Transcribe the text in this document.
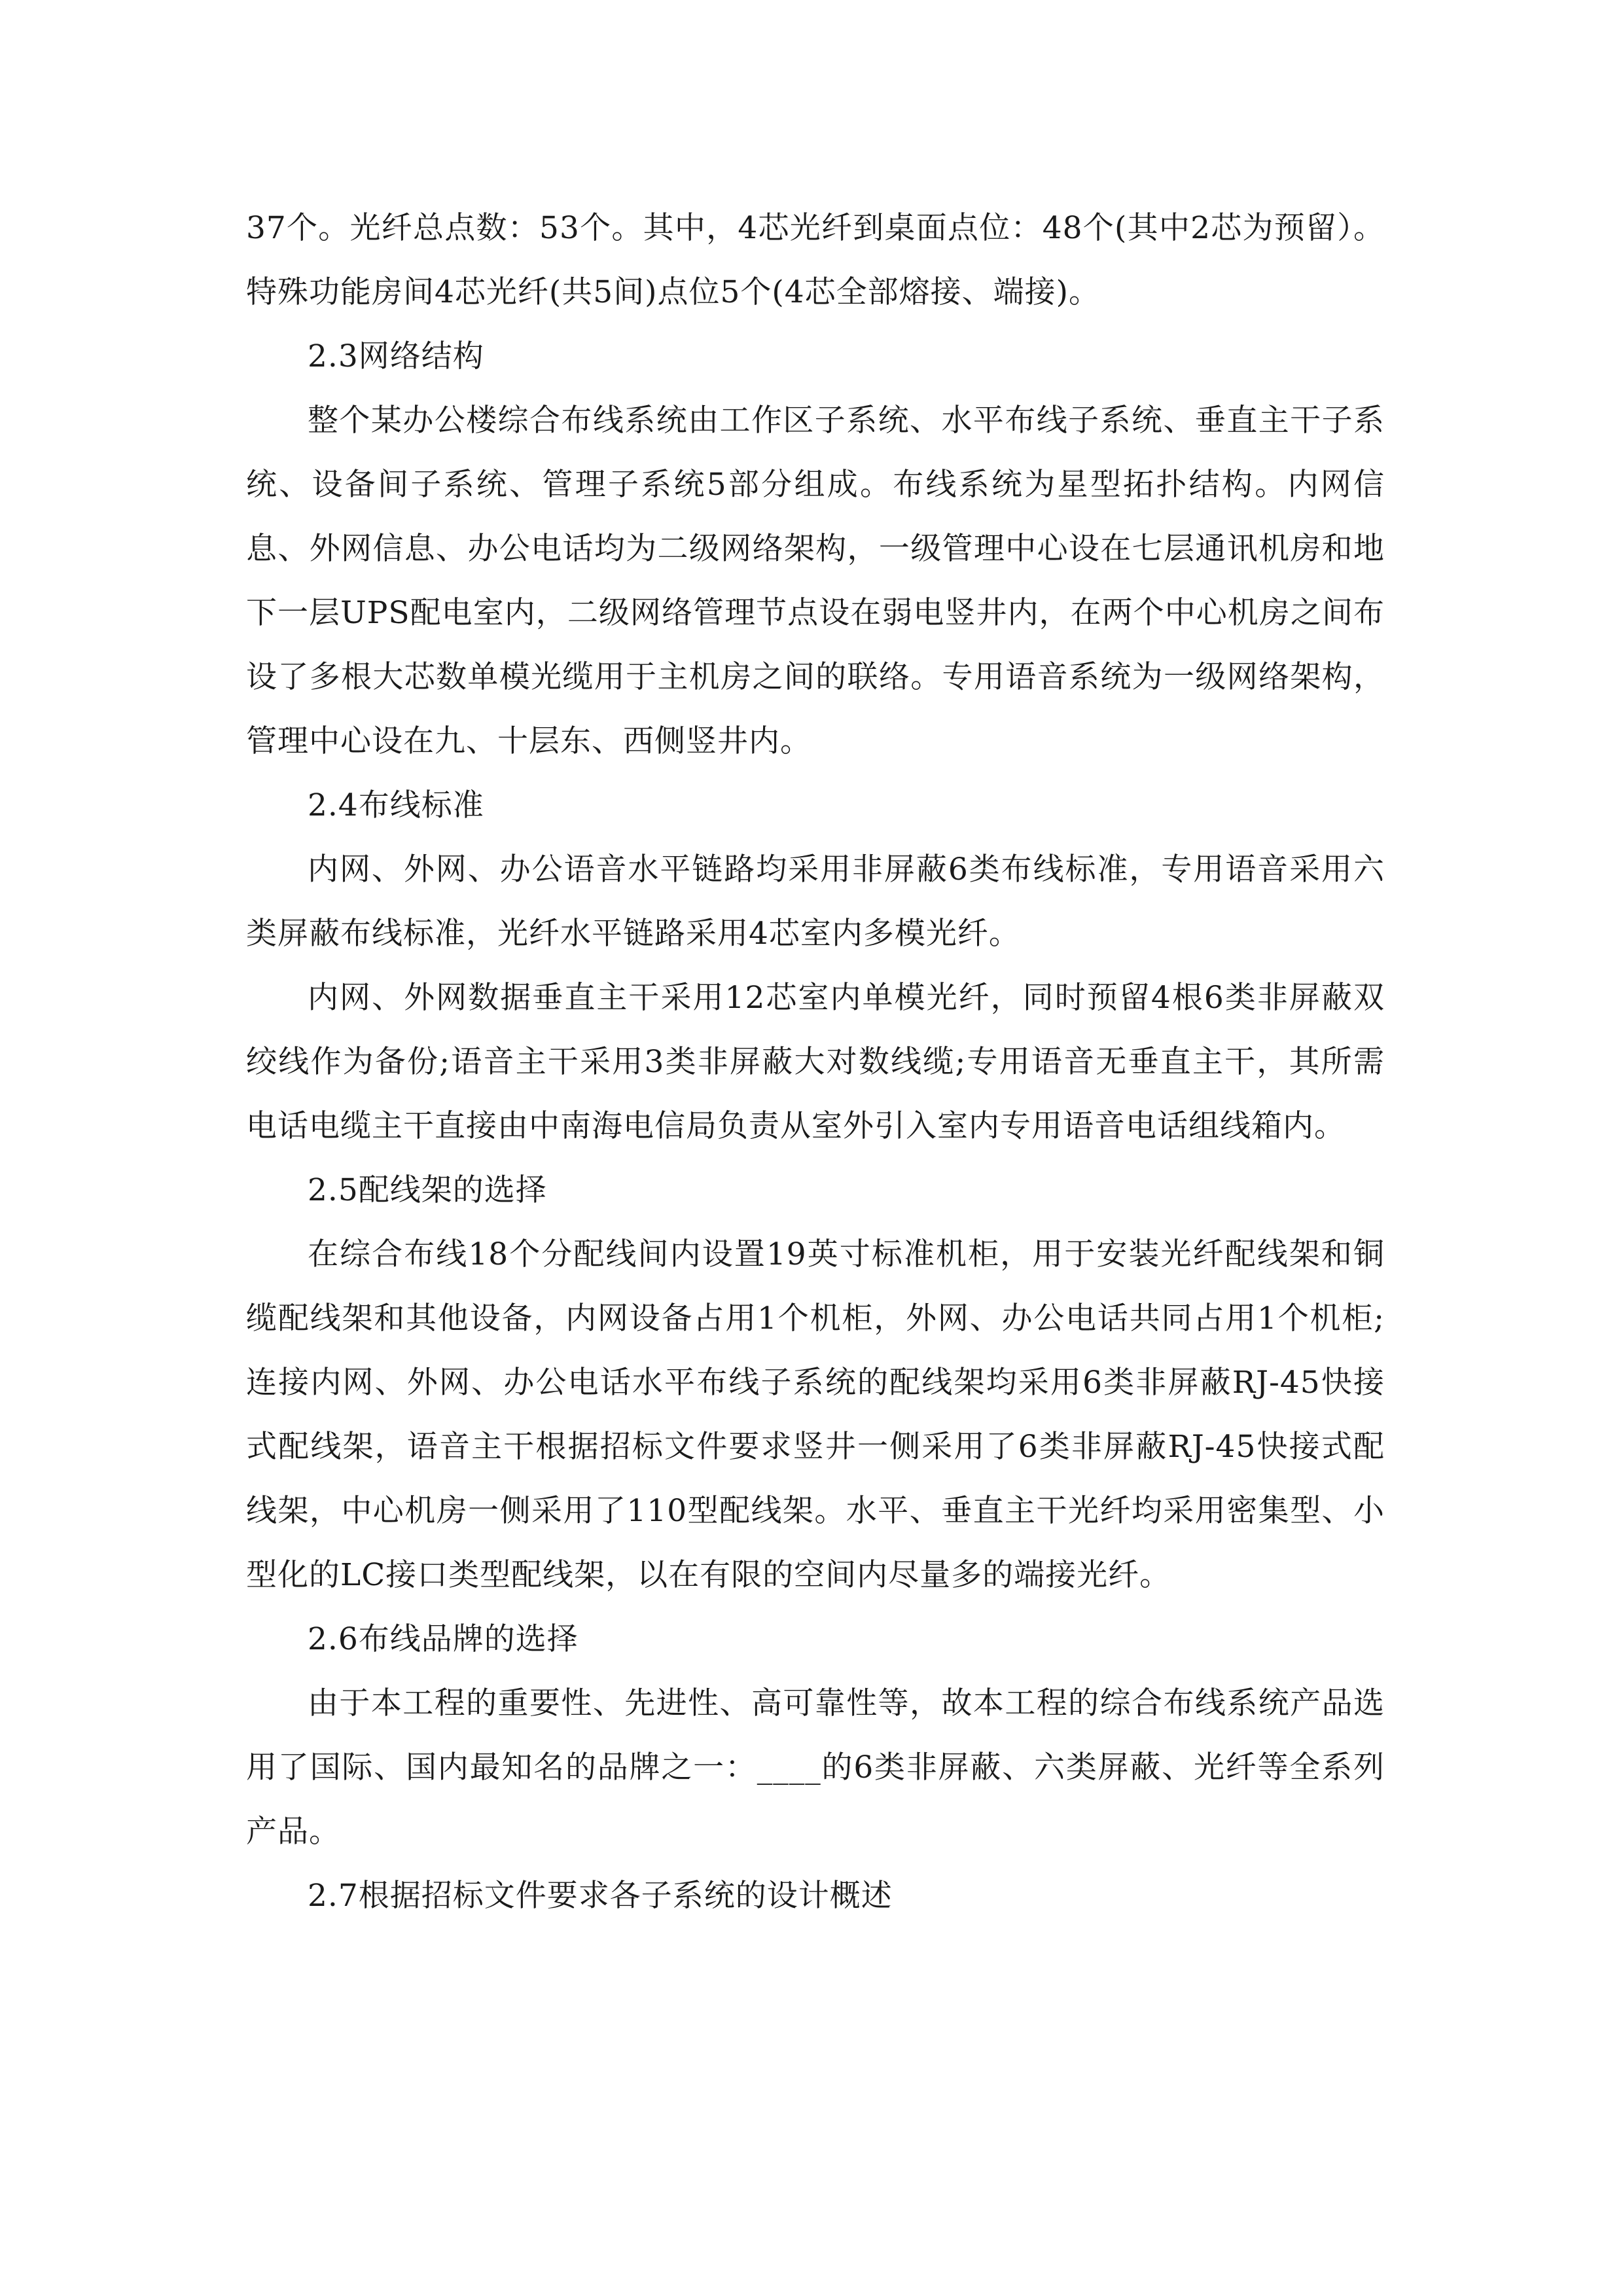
37个。光纤总点数：53个。其中，4芯光纤到桌面点位：48个(其中2芯为预留）。特殊功能房间4芯光纤(共5间)点位5个(4芯全部熔接、端接)。

2.3网络结构

整个某办公楼综合布线系统由工作区子系统、水平布线子系统、垂直主干子系统、设备间子系统、管理子系统5部分组成。布线系统为星型拓扑结构。内网信息、外网信息、办公电话均为二级网络架构，一级管理中心设在七层通讯机房和地下一层UPS配电室内，二级网络管理节点设在弱电竖井内，在两个中心机房之间布设了多根大芯数单模光缆用于主机房之间的联络。专用语音系统为一级网络架构，管理中心设在九、十层东、西侧竖井内。

2.4布线标准

内网、外网、办公语音水平链路均采用非屏蔽6类布线标准，专用语音采用六类屏蔽布线标准，光纤水平链路采用4芯室内多模光纤。

内网、外网数据垂直主干采用12芯室内单模光纤，同时预留4根6类非屏蔽双绞线作为备份;语音主干采用3类非屏蔽大对数线缆;专用语音无垂直主干，其所需电话电缆主干直接由中南海电信局负责从室外引入室内专用语音电话组线箱内。

2.5配线架的选择

在综合布线18个分配线间内设置19英寸标准机柜，用于安装光纤配线架和铜缆配线架和其他设备，内网设备占用1个机柜，外网、办公电话共同占用1个机柜;连接内网、外网、办公电话水平布线子系统的配线架均采用6类非屏蔽RJ-45快接式配线架，语音主干根据招标文件要求竖井一侧采用了6类非屏蔽RJ-45快接式配线架，中心机房一侧采用了110型配线架。水平、垂直主干光纤均采用密集型、小型化的LC接口类型配线架，以在有限的空间内尽量多的端接光纤。

2.6布线品牌的选择

由于本工程的重要性、先进性、高可靠性等，故本工程的综合布线系统产品选用了国际、国内最知名的品牌之一：____的6类非屏蔽、六类屏蔽、光纤等全系列产品。

2.7根据招标文件要求各子系统的设计概述
